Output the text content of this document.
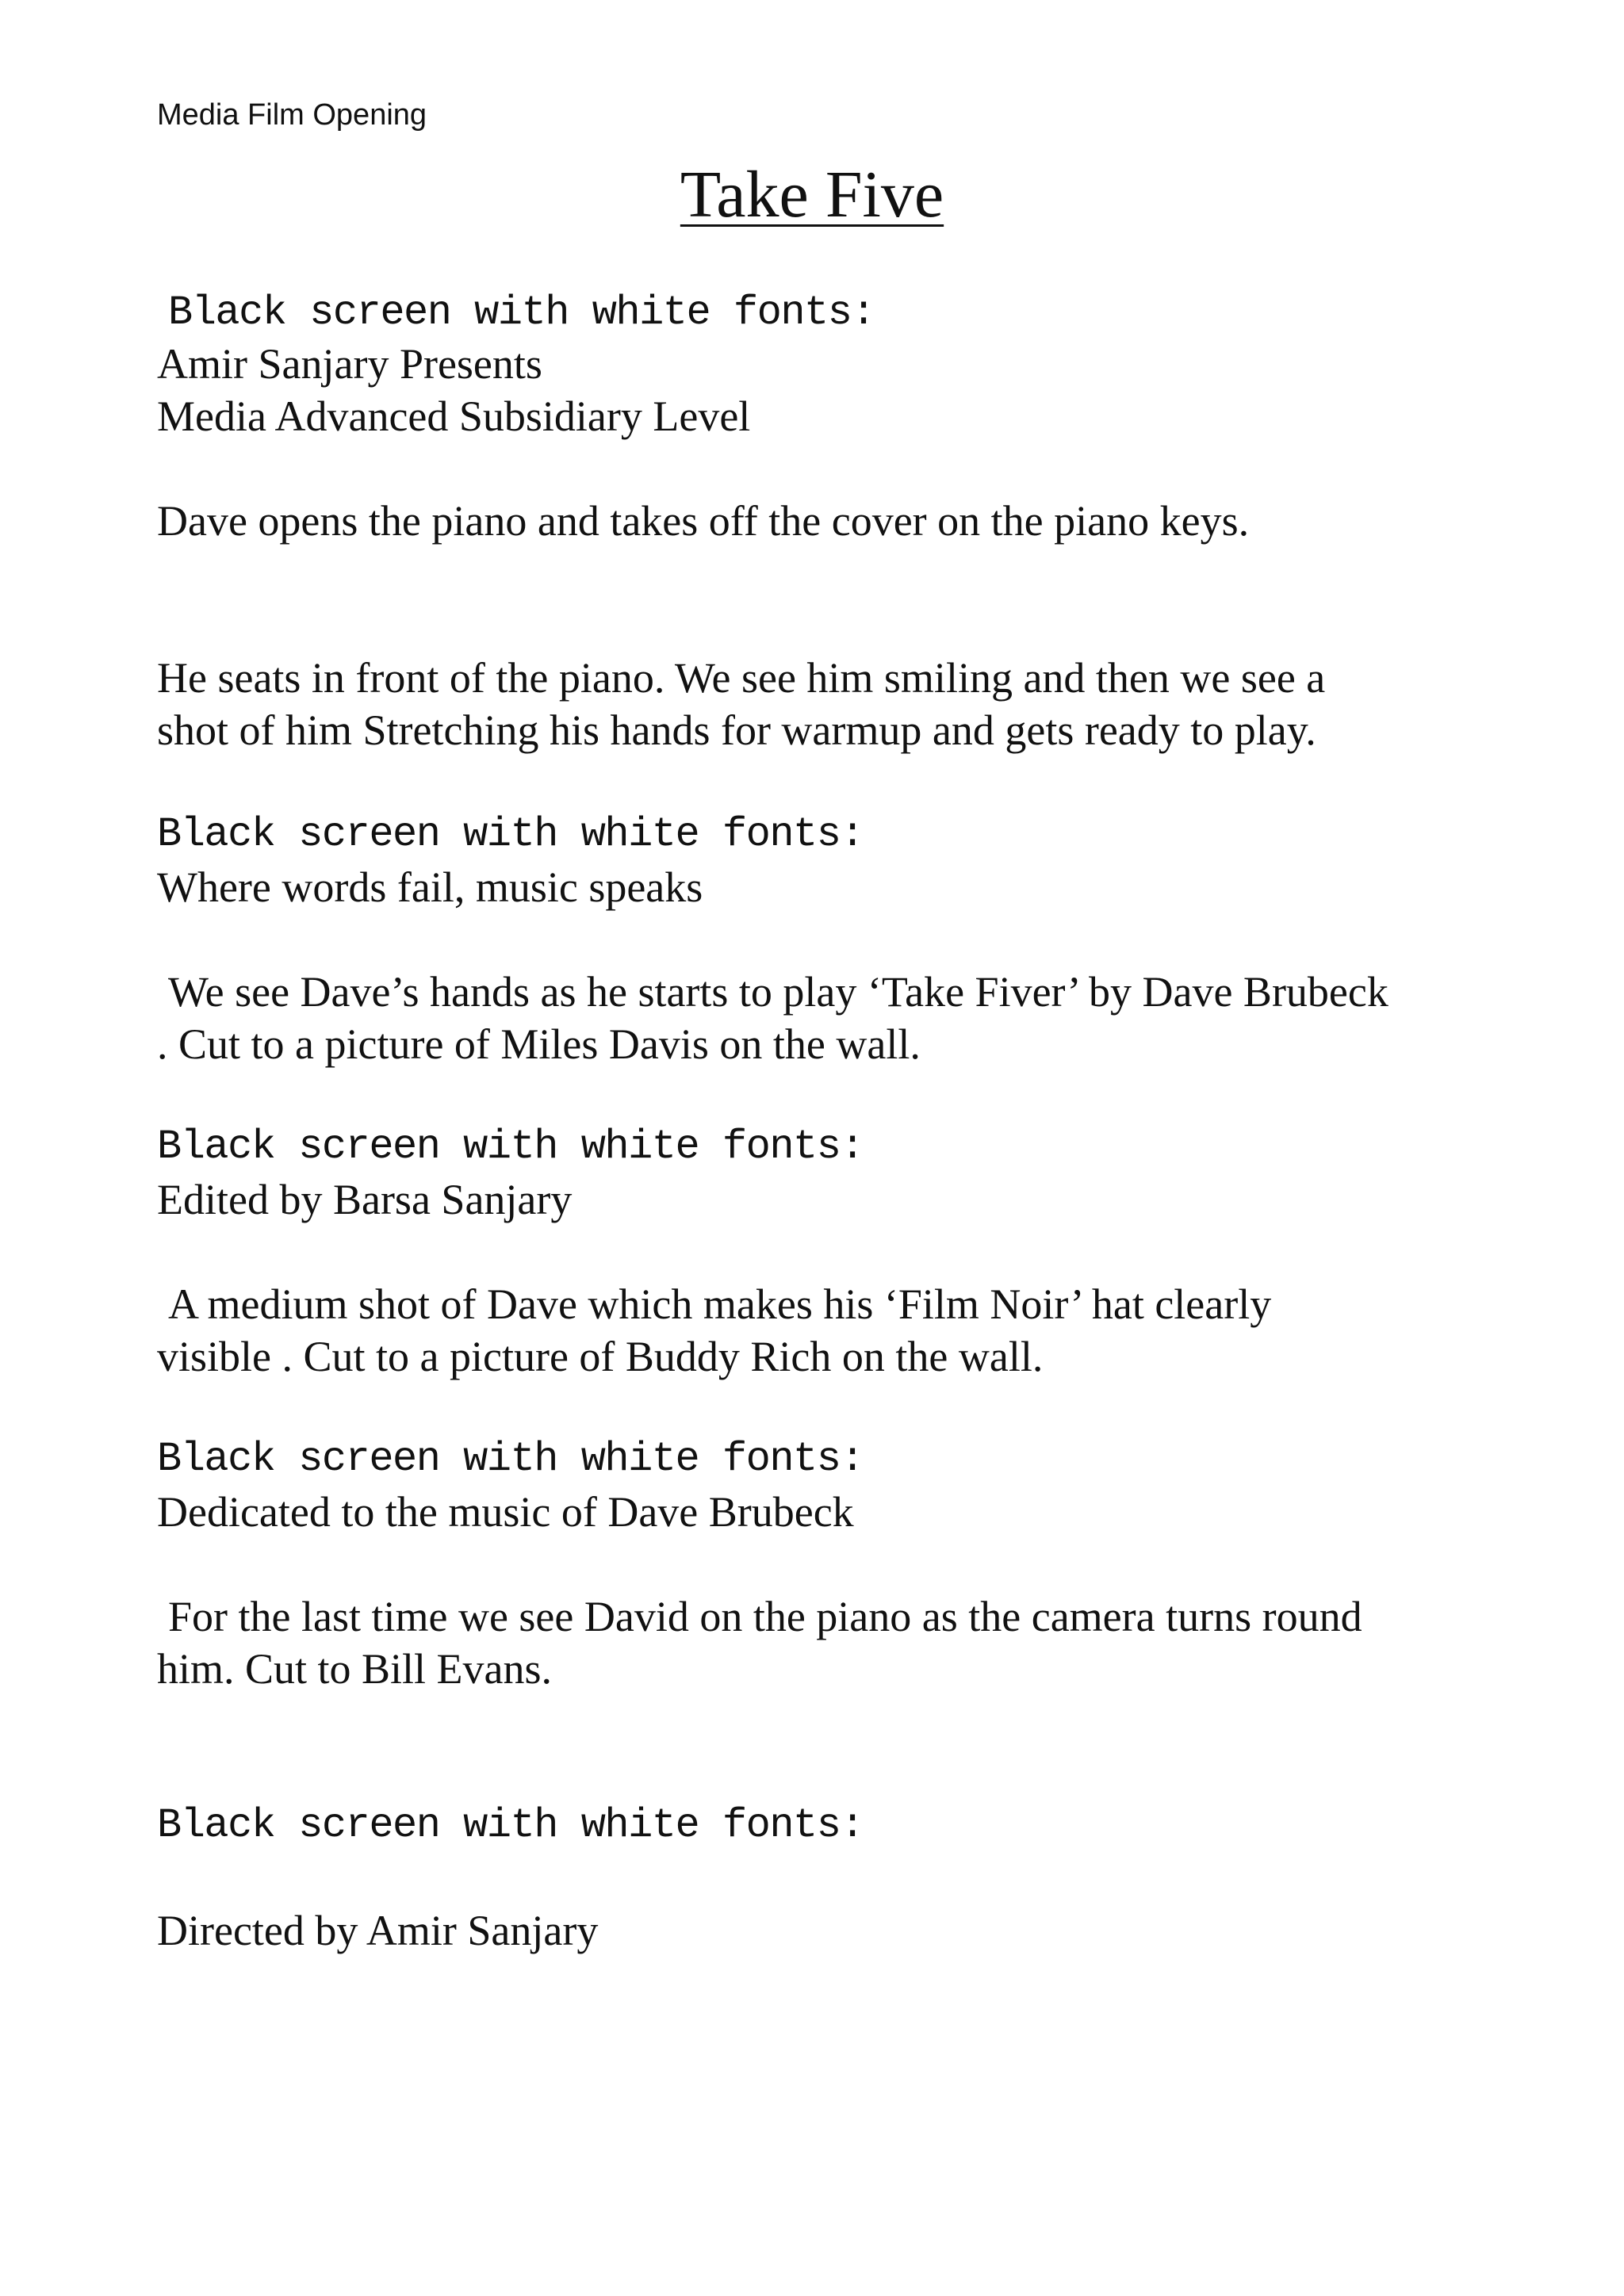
Media Film Opening
Take Five
Black screen with white fonts:
Amir Sanjary Presents
Media Advanced Subsidiary Level
Dave opens the piano and takes off the cover on the piano keys.
He seats in front of the piano. We see him smiling and then we see a
shot of him Stretching his hands for warmup and gets ready to play.
Black screen with white fonts:
Where words fail, music speaks
We see Dave’s hands as he starts to play ‘Take Fiver’ by Dave Brubeck
. Cut to a picture of Miles Davis on the wall.
Black screen with white fonts:
Edited by Barsa Sanjary
A medium shot of Dave which makes his ‘Film Noir’ hat clearly
visible . Cut to a picture of Buddy Rich on the wall.
Black screen with white fonts:
Dedicated to the music of Dave Brubeck
For the last time we see David on the piano as the camera turns round
him. Cut to Bill Evans.
Black screen with white fonts:
Directed by Amir Sanjary
